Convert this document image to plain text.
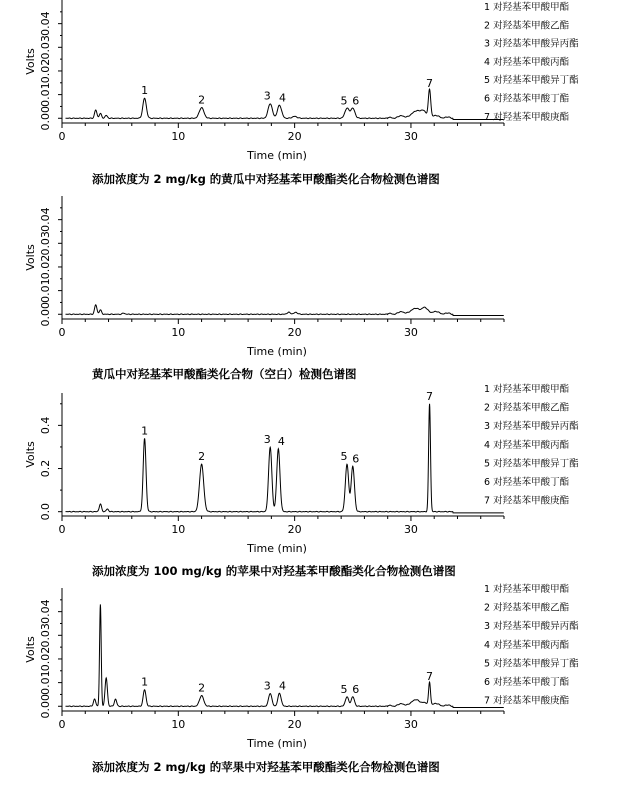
0	10	20	30
0.00
0.01
0.02
0.03
0.04
Time (min)
Volts
1
2	3 4	5 6
7
1 对羟基苯甲酸甲酯
2 对羟基苯甲酸乙酯
3 对羟基苯甲酸异丙酯
4 对羟基苯甲酸丙酯
5 对羟基苯甲酸异丁酯
6 对羟基苯甲酸丁酯
7 对羟基苯甲酸庚酯
添加浓度为 2 mg/kg 的黄瓜中对羟基苯甲酸酯类化合物检测色谱图
0	10	20	30
0.00
0.01
0.02
0.03
0.04
Time (min)
Volts
黄瓜中对羟基苯甲酸酯类化合物（空白）检测色谱图
0	10	20	30
0.0
0.2
0.4
Time (min)
Volts
1
2
3 4
5 6
7
1 对羟基苯甲酸甲酯
2 对羟基苯甲酸乙酯
3 对羟基苯甲酸异丙酯
4 对羟基苯甲酸丙酯
5 对羟基苯甲酸异丁酯
6 对羟基苯甲酸丁酯
7 对羟基苯甲酸庚酯
添加浓度为 100 mg/kg 的苹果中对羟基苯甲酸酯类化合物检测色谱图
0	10	20	30
0.00
0.01
0.02
0.03
0.04
Time (min)
Volts
1	2	3 4	5 6
7
1 对羟基苯甲酸甲酯
2 对羟基苯甲酸乙酯
3 对羟基苯甲酸异丙酯
4 对羟基苯甲酸丙酯
5 对羟基苯甲酸异丁酯
6 对羟基苯甲酸丁酯
7 对羟基苯甲酸庚酯
添加浓度为 2 mg/kg 的苹果中对羟基苯甲酸酯类化合物检测色谱图
